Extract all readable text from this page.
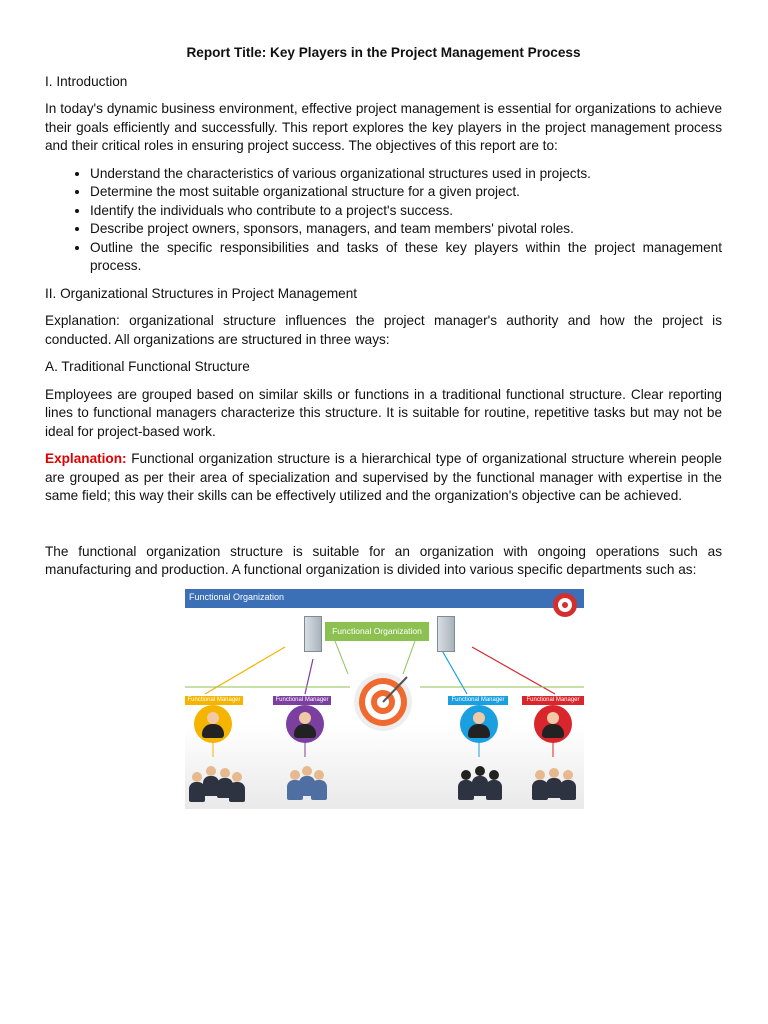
Report Title: Key Players in the Project Management Process

I. Introduction

In today's dynamic business environment, effective project management is essential for organizations to achieve their goals efficiently and successfully. This report explores the key players in the project management process and their critical roles in ensuring project success. The objectives of this report are to:

• Understand the characteristics of various organizational structures used in projects.
• Determine the most suitable organizational structure for a given project.
• Identify the individuals who contribute to a project's success.
• Describe project owners, sponsors, managers, and team members' pivotal roles.
• Outline the specific responsibilities and tasks of these key players within the project management process.

II. Organizational Structures in Project Management

Explanation: organizational structure influences the project manager's authority and how the project is conducted. All organizations are structured in three ways:

A. Traditional Functional Structure

Employees are grouped based on similar skills or functions in a traditional functional structure. Clear reporting lines to functional managers characterize this structure. It is suitable for routine, repetitive tasks but may not be ideal for project-based work.

Explanation: Functional organization structure is a hierarchical type of organizational structure wherein people are grouped as per their area of specialization and supervised by the functional manager with expertise in the same field; this way their skills can be effectively utilized and the organization's objective can be achieved.

The functional organization structure is suitable for an organization with ongoing operations such as manufacturing and production. A functional organization is divided into various specific departments such as:

Functional Organization
Functional Organization
Functional Manager	Functional Manager	Functional Manager	Functional Manager
